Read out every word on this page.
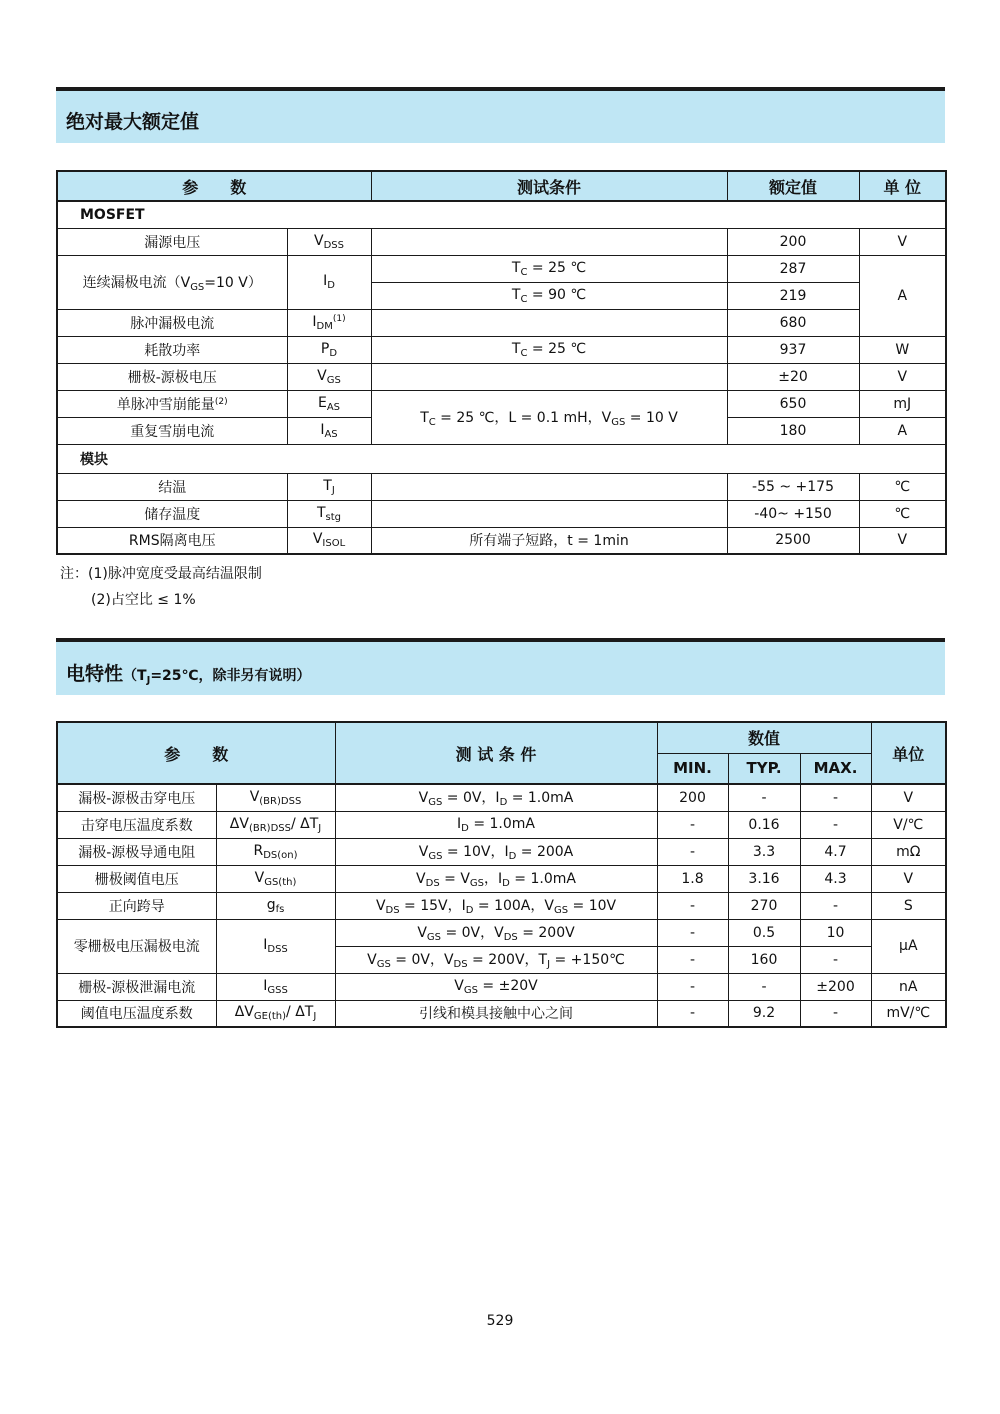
绝对最大额定值
参　　数		测试条件	额定值	单 位
MOSFET				
漏源电压	$V_{DSS}$		200	V
连续漏极电流（$V_{GS}=10$ V）	$I_D$	$T_C = 25$ ℃	287	A
		$T_C = 90$ ℃	219	
脉冲漏极电流	$I_{DM}^{(1)}$		680	
耗散功率	$P_D$	$T_C = 25$ ℃	937	W
栅极-源极电压	$V_{GS}$		±20	V
单脉冲雪崩能量$^{(2)}$	$E_{AS}$	$T_C = 25$ ℃，L = 0.1 mH，$V_{GS} = 10$ V	650	mJ
重复雪崩电流	$I_{AS}$		180	A
模块				
结温	$T_J$		-55 ~ +175	℃
储存温度	$T_{stg}$		-40~ +150	℃
RMS隔离电压	$V_{ISOL}$	所有端子短路，t = 1min	2500	V
注：(1)脉冲宽度受最高结温限制
(2)占空比 ≤ 1%
电特性（$T_J=25℃$，除非另有说明）
参　　数		测 试 条 件	数值			单位
			MIN.	TYP.	MAX.	
漏极-源极击穿电压	$V_{(BR)DSS}$	$V_{GS} = 0V$，$I_D = 1.0mA$	200	-	-	V
击穿电压温度系数	$\Delta V_{(BR)DSS}/$ $\Delta T_J$	$I_D = 1.0mA$	-	0.16	-	V/℃
漏极-源极导通电阻	$R_{DS(on)}$	$V_{GS} = 10V$，$I_D = 200A$	-	3.3	4.7	mΩ
栅极阈值电压	$V_{GS(th)}$	$V_{DS} = V_{GS}$，$I_D = 1.0mA$	1.8	3.16	4.3	V
正向跨导	$g_{fs}$	$V_{DS} = 15V$，$I_D = 100A$，$V_{GS} = 10V$	-	270	-	S
零栅极电压漏极电流	$I_{DSS}$	$V_{GS} = 0V$，$V_{DS} = 200V$	-	0.5	10	μA
		$V_{GS} = 0V$，$V_{DS} = 200V$，$T_J$ = +150℃	-	160	-	
栅极-源极泄漏电流	$I_{GSS}$	$V_{GS} = \pm 20V$	-	-	±200	nA
阈值电压温度系数	$\Delta V_{GE(th)}/$ $\Delta T_J$	引线和模具接触中心之间	-	9.2	-	mV/℃
529
